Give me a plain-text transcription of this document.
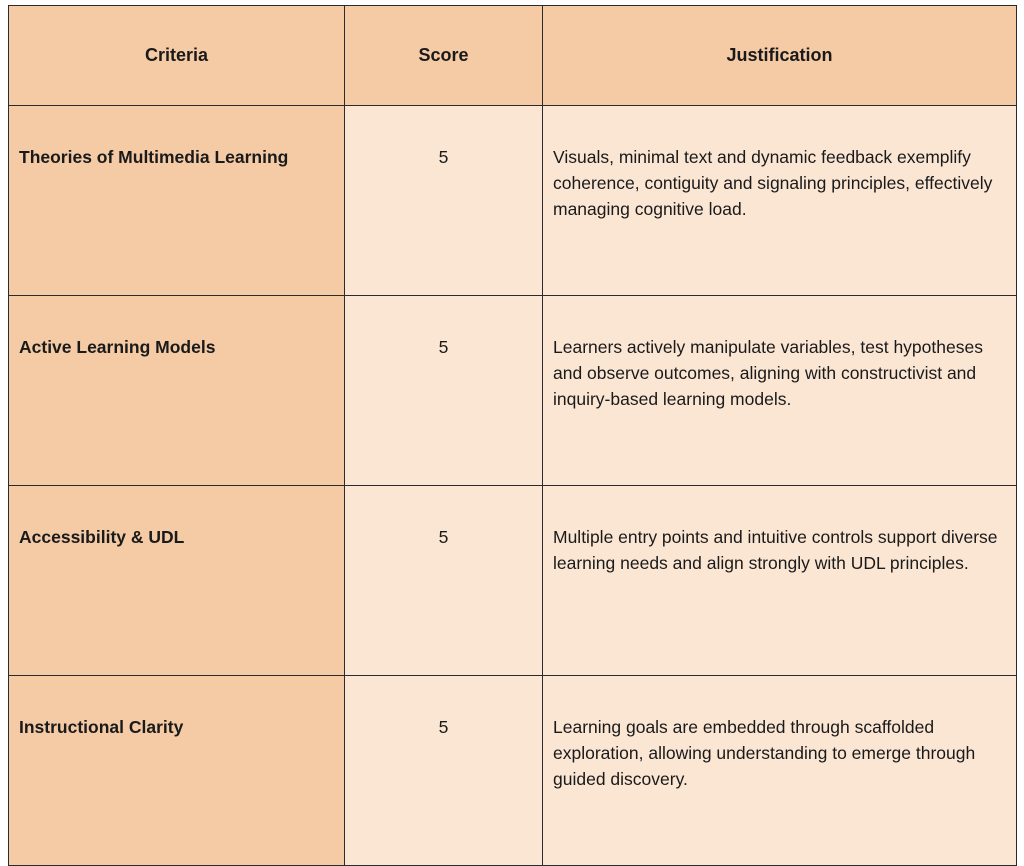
Criteria	Score	Justification
Theories of Multimedia Learning	5	Visuals, minimal text and dynamic feedback exemplify coherence, contiguity and signaling principles, effectively managing cognitive load.
Active Learning Models	5	Learners actively manipulate variables, test hypotheses and observe outcomes, aligning with constructivist and inquiry-based learning models.
Accessibility & UDL	5	Multiple entry points and intuitive controls support diverse learning needs and align strongly with UDL principles.
Instructional Clarity	5	Learning goals are embedded through scaffolded exploration, allowing understanding to emerge through guided discovery.
